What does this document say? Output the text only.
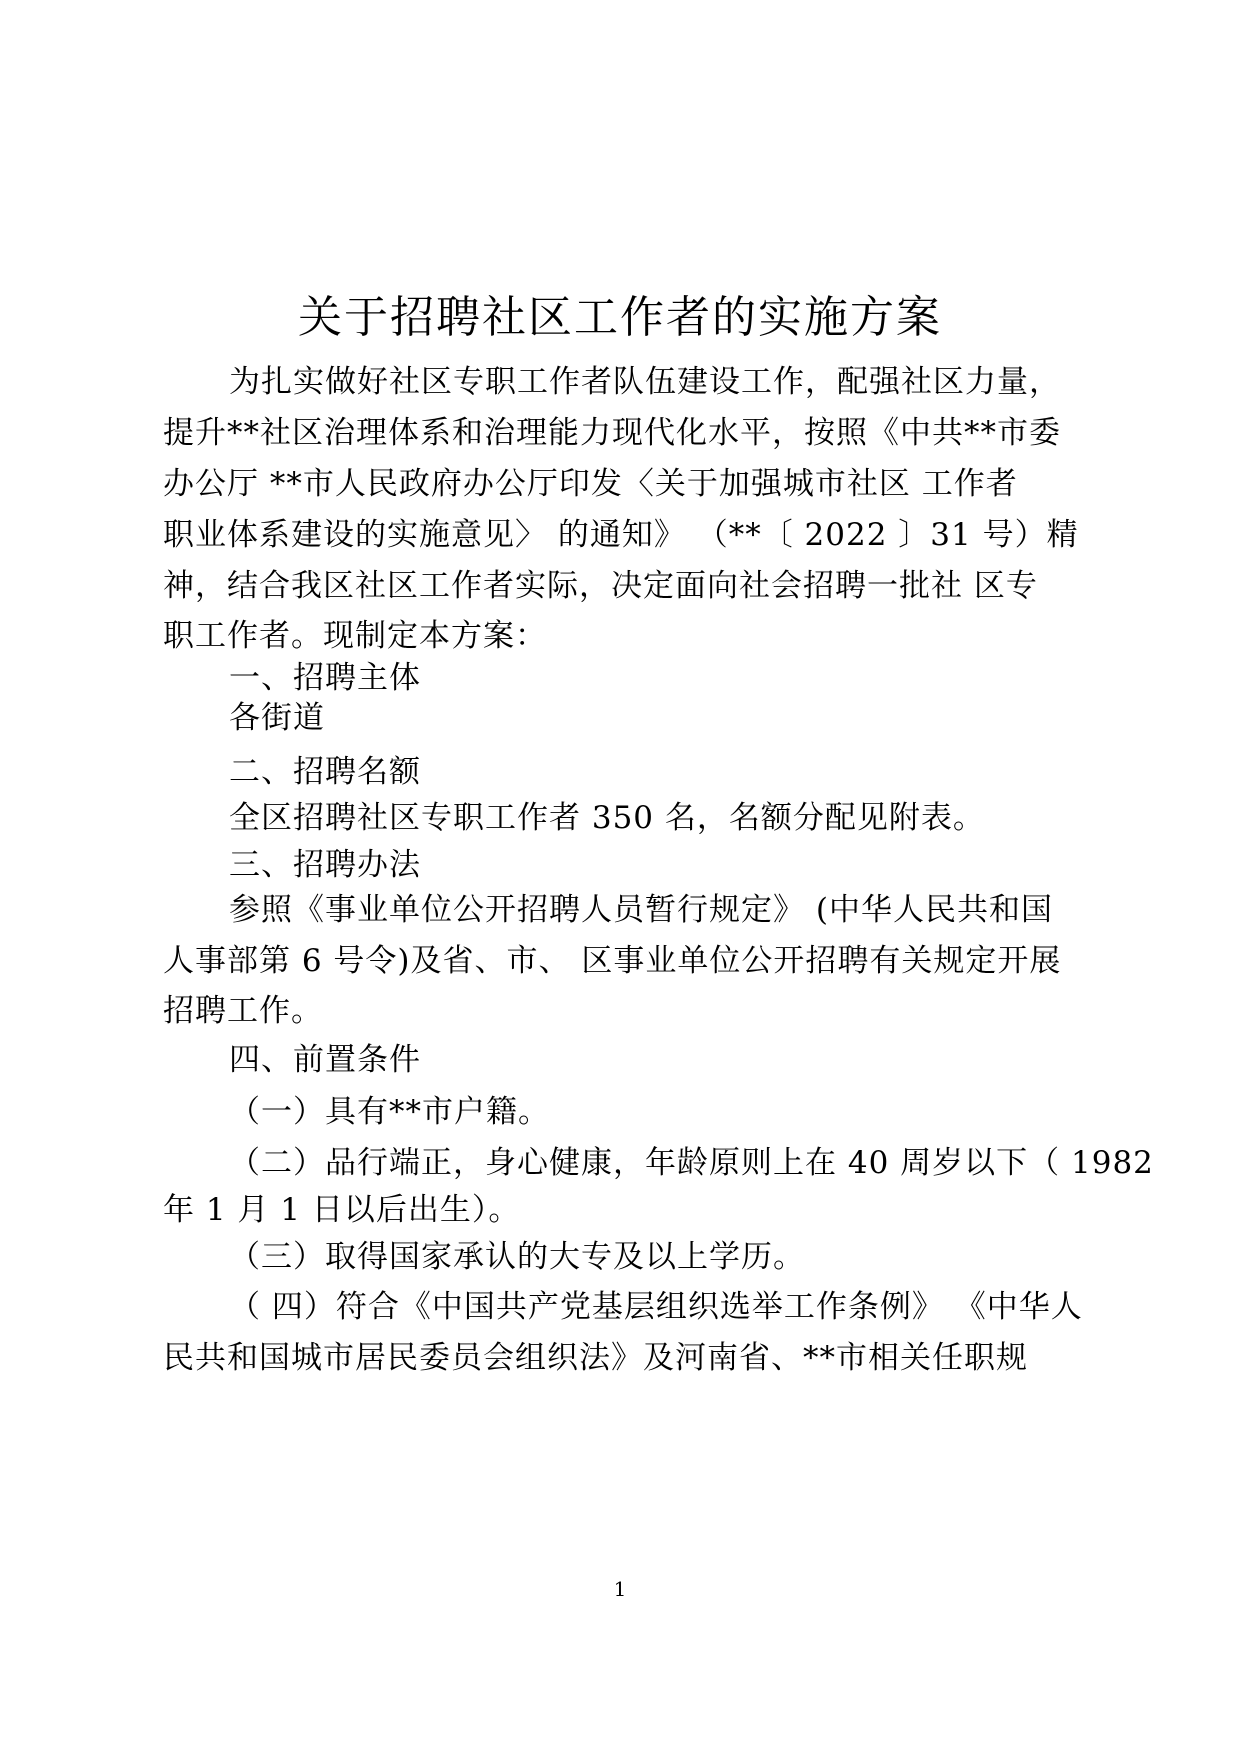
关于招聘社区工作者的实施方案
为扎实做好社区专职工作者队伍建设工作，配强社区力量，
提升**社区治理体系和治理能力现代化水平，按照《中共**市委
办公厅 **市人民政府办公厅印发〈关于加强城市社区 工作者
职业体系建设的实施意见〉 的通知》 （**〔 2022 〕31 号）精
神，结合我区社区工作者实际，决定面向社会招聘一批社 区专
职工作者。现制定本方案：
一、招聘主体
各街道
二、招聘名额
全区招聘社区专职工作者 350 名，名额分配见附表。
三、招聘办法
参照《事业单位公开招聘人员暂行规定》 (中华人民共和国
人事部第 6 号令)及省、市、 区事业单位公开招聘有关规定开展
招聘工作。
四、前置条件
（一）具有**市户籍。
（二）品行端正，身心健康，年龄原则上在 40 周岁以下（ 1982
年 1 月 1 日以后出生）。
（三）取得国家承认的大专及以上学历。
（ 四）符合《中国共产党基层组织选举工作条例》 《中华人
民共和国城市居民委员会组织法》及河南省、**市相关任职规
1
